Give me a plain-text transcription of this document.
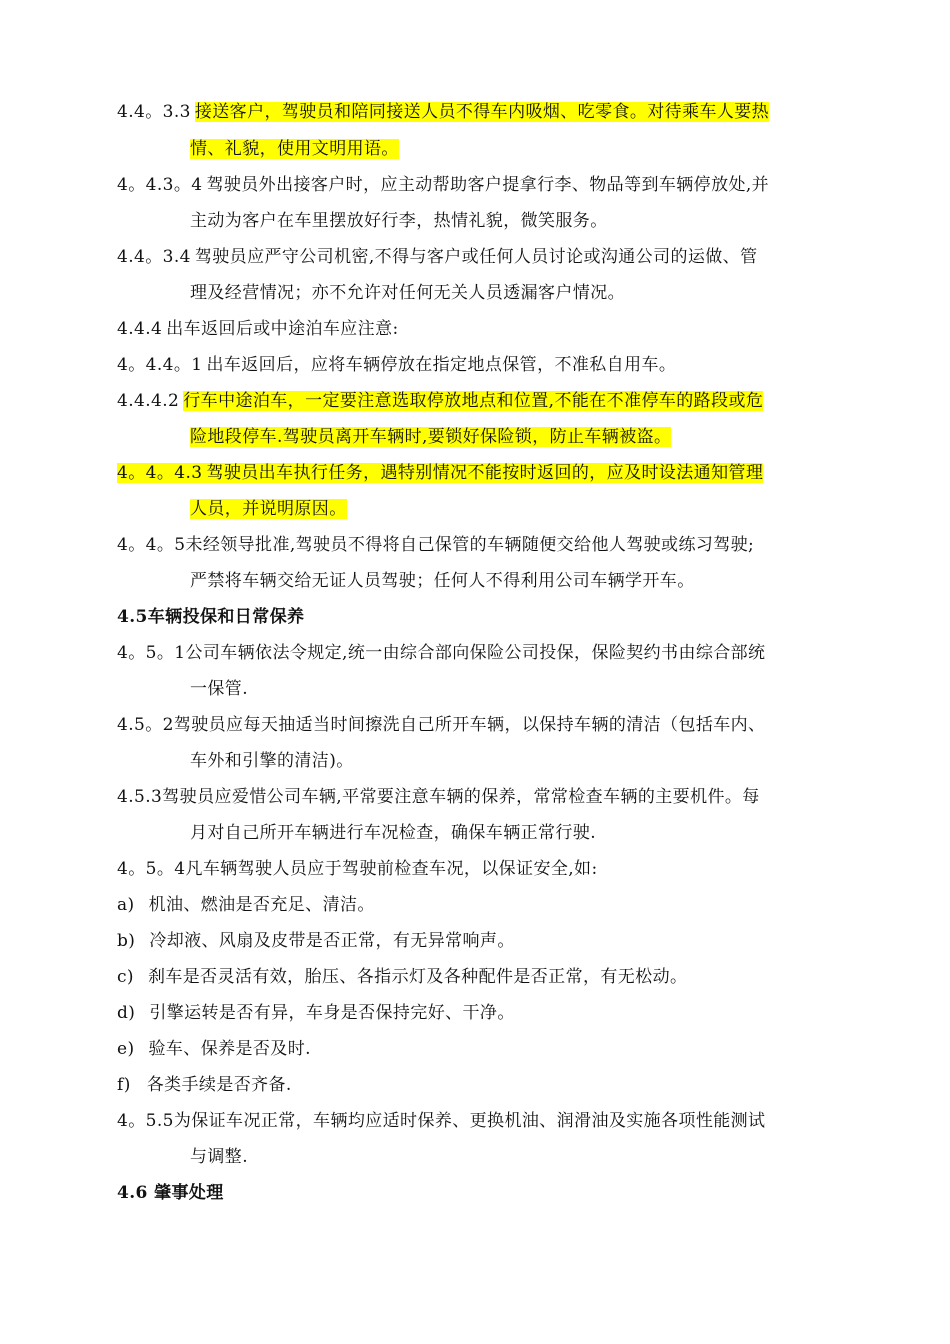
4.4。3.3 接送客户，驾驶员和陪同接送人员不得车内吸烟、吃零食。对待乘车人要热
情、礼貌，使用文明用语。
4。4.3。4 驾驶员外出接客户时，应主动帮助客户提拿行李、物品等到车辆停放处,并
主动为客户在车里摆放好行李，热情礼貌，微笑服务。
4.4。3.4 驾驶员应严守公司机密,不得与客户或任何人员讨论或沟通公司的运做、管
理及经营情况；亦不允许对任何无关人员透漏客户情况。
4.4.4 出车返回后或中途泊车应注意:
4。4.4。1 出车返回后，应将车辆停放在指定地点保管，不准私自用车。
4.4.4.2 行车中途泊车，一定要注意选取停放地点和位置,不能在不准停车的路段或危
险地段停车.驾驶员离开车辆时,要锁好保险锁，防止车辆被盗。
4。4。4.3 驾驶员出车执行任务，遇特别情况不能按时返回的，应及时设法通知管理
人员，并说明原因。
4。4。5未经领导批准,驾驶员不得将自己保管的车辆随便交给他人驾驶或练习驾驶;
严禁将车辆交给无证人员驾驶；任何人不得利用公司车辆学开车。
4.5车辆投保和日常保养
4。5。1公司车辆依法令规定,统一由综合部向保险公司投保，保险契约书由综合部统
一保管.
4.5。2驾驶员应每天抽适当时间擦洗自己所开车辆，以保持车辆的清洁（包括车内、
车外和引擎的清洁)。
4.5.3驾驶员应爱惜公司车辆,平常要注意车辆的保养，常常检查车辆的主要机件。每
月对自己所开车辆进行车况检查，确保车辆正常行驶.
4。5。4凡车辆驾驶人员应于驾驶前检查车况，以保证安全,如:
a) 机油、燃油是否充足、清洁。
b) 冷却液、风扇及皮带是否正常，有无异常响声。
c) 刹车是否灵活有效，胎压、各指示灯及各种配件是否正常，有无松动。
d) 引擎运转是否有异，车身是否保持完好、干净。
e) 验车、保养是否及时.
f) 各类手续是否齐备.
4。5.5为保证车况正常，车辆均应适时保养、更换机油、润滑油及实施各项性能测试
与调整.
4.6 肇事处理
